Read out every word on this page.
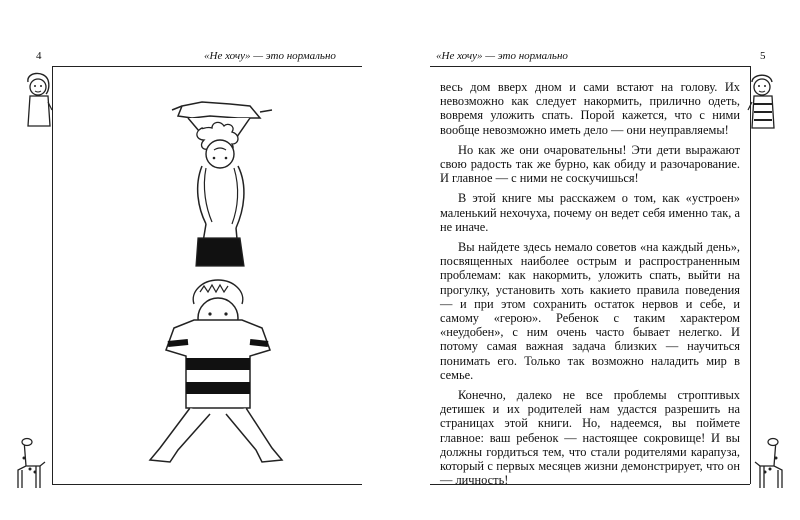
4	«Не хочу» — это нормально	«Не хочу» — это нормально	5

весь дом вверх дном и сами встают на голову. Их невозможно как следует накормить, прилично одеть, вовремя уложить спать. Порой кажется, что с ними вообще невозможно иметь дело — они неуправляемы!

Но как же они очаровательны! Эти дети выражают свою радость так же бурно, как обиду и разочарование. И главное — с ними не соскучишься!

В этой книге мы расскажем о том, как «устроен» маленький нехочуха, почему он ведет себя именно так, а не иначе.

Вы найдете здесь немало советов «на каждый день», посвященных наиболее острым и распространенным проблемам: как накормить, уложить спать, выйти на прогулку, установить хоть какието правила поведения — и при этом сохранить остаток нервов и себе, и самому «герою». Ребенок с таким характером «неудобен», с ним очень часто бывает нелегко. И потому самая важная задача близких — научиться понимать его. Только так возможно наладить мир в семье.

Конечно, далеко не все проблемы строптивых детишек и их родителей нам удастся разрешить на страницах этой книги. Но, надеемся, вы поймете главное: ваш ребенок — настоящее сокровище! И вы должны гордиться тем, что стали родителями карапуза, который с первых месяцев жизни демонстрирует, что он — личность!
